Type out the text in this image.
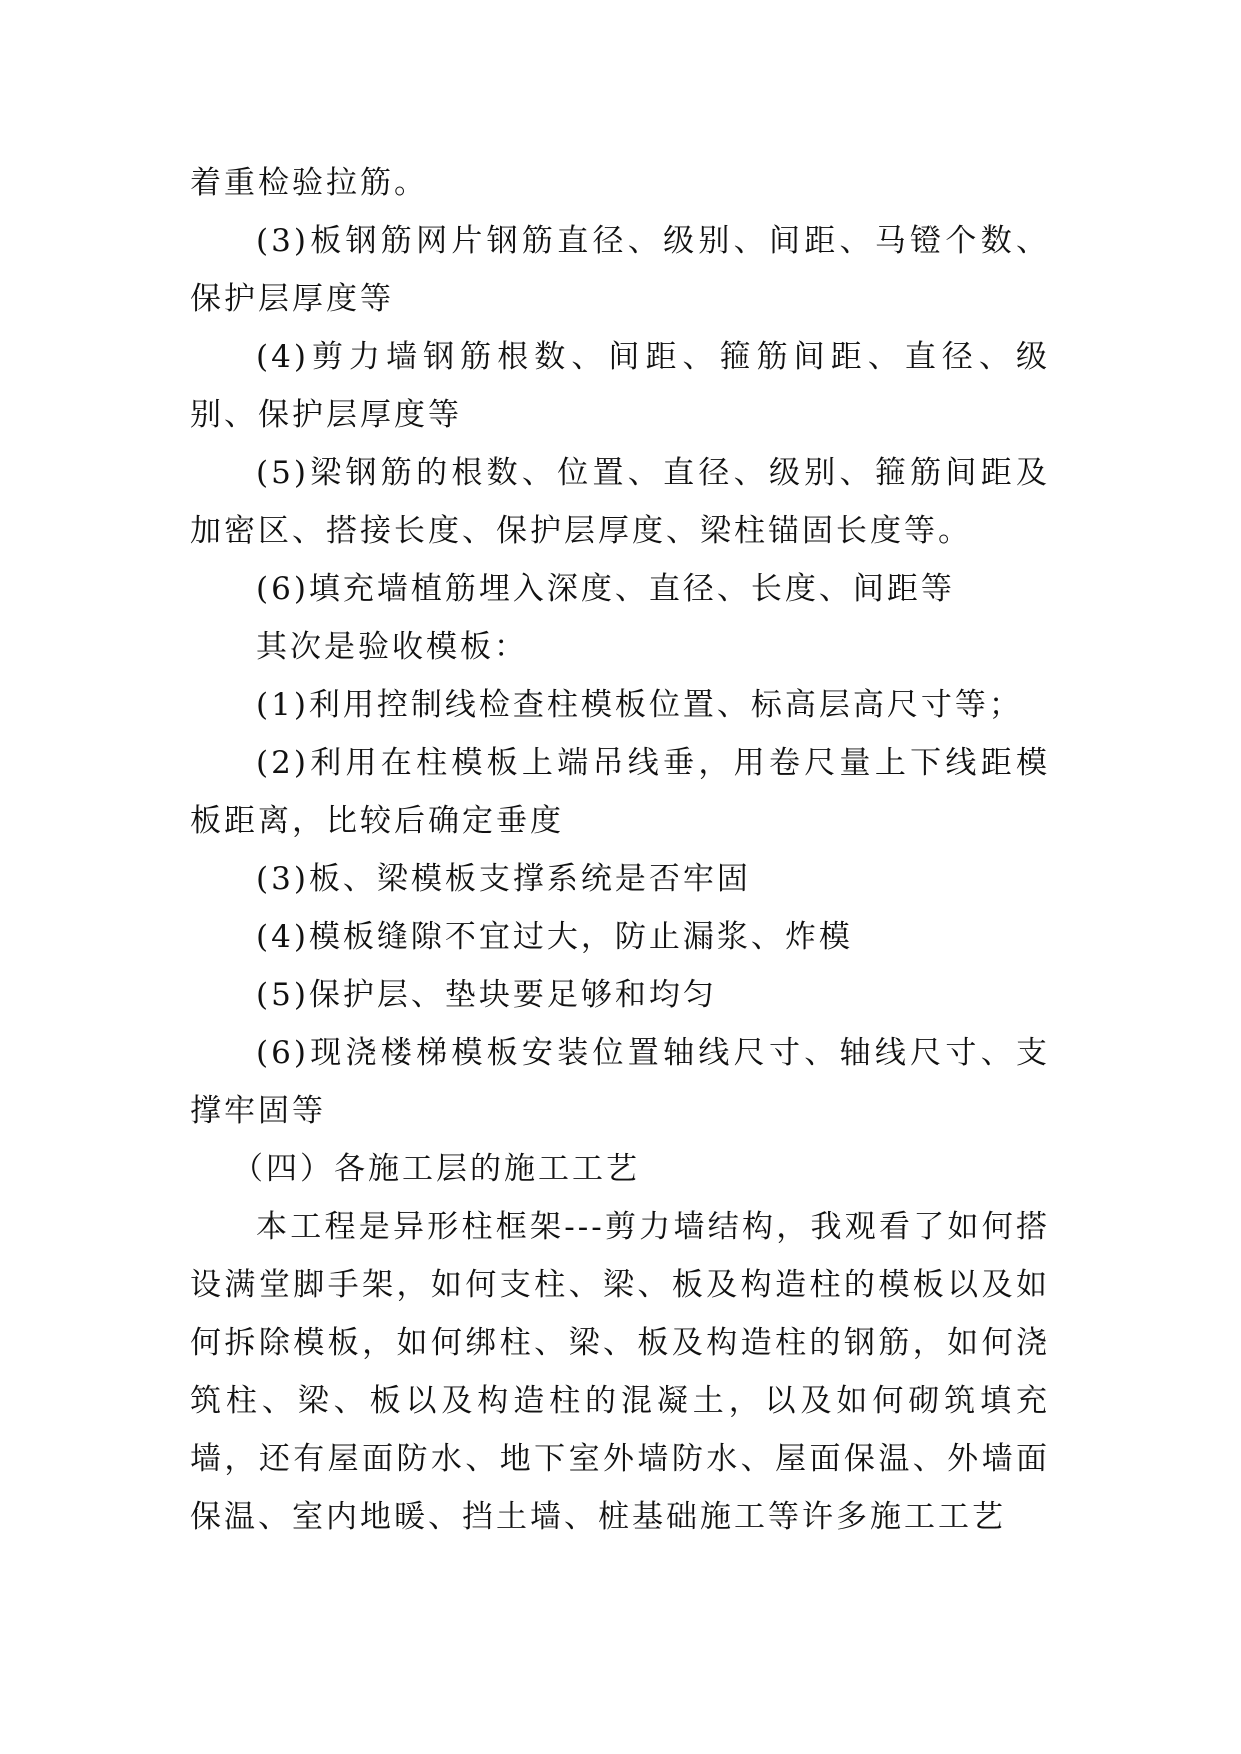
着重检验拉筋。

(3)板钢筋网片钢筋直径、级别、间距、马镫个数、保护层厚度等

(4)剪力墙钢筋根数、间距、箍筋间距、直径、级别、保护层厚度等

(5)梁钢筋的根数、位置、直径、级别、箍筋间距及加密区、搭接长度、保护层厚度、梁柱锚固长度等。

(6)填充墙植筋埋入深度、直径、长度、间距等

其次是验收模板：

(1)利用控制线检查柱模板位置、标高层高尺寸等；

(2)利用在柱模板上端吊线垂，用卷尺量上下线距模板距离，比较后确定垂度

(3)板、梁模板支撑系统是否牢固

(4)模板缝隙不宜过大，防止漏浆、炸模

(5)保护层、垫块要足够和均匀

(6)现浇楼梯模板安装位置轴线尺寸、轴线尺寸、支撑牢固等

（四）各施工层的施工工艺

本工程是异形柱框架---剪力墙结构，我观看了如何搭设满堂脚手架，如何支柱、梁、板及构造柱的模板以及如何拆除模板，如何绑柱、梁、板及构造柱的钢筋，如何浇筑柱、梁、板以及构造柱的混凝土，以及如何砌筑填充墙，还有屋面防水、地下室外墙防水、屋面保温、外墙面保温、室内地暖、挡土墙、桩基础施工等许多施工工艺
